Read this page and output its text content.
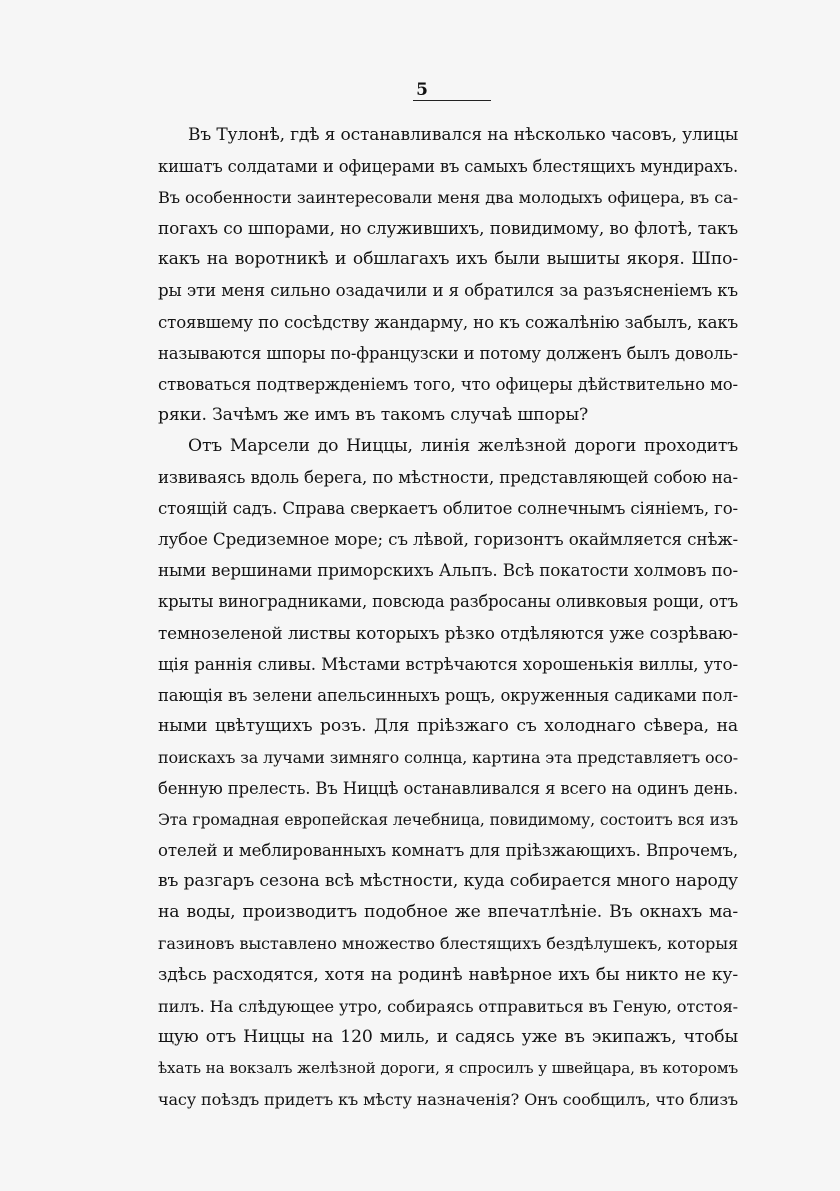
5
Въ Тулонѣ, гдѣ я останавливался на нѣсколько часовъ, улицы
кишатъ солдатами и офицерами въ самыхъ блестящихъ мундирахъ.
Въ особенности заинтересовали меня два молодыхъ офицера, въ са-
погахъ со шпорами, но служившихъ, повидимому, во флотѣ, такъ
какъ на воротникѣ и обшлагахъ ихъ были вышиты якоря. Шпо-
ры эти меня сильно озадачили и я обратился за разъясненіемъ къ
стоявшему по сосѣдству жандарму, но къ сожалѣнію забылъ, какъ
называются шпоры по-французски и потому долженъ былъ доволь-
ствоваться подтвержденіемъ того, что офицеры дѣйствительно мо-
ряки. Зачѣмъ же имъ въ такомъ случаѣ шпоры?
Отъ Марсели до Ниццы, линія желѣзной дороги проходитъ
извиваясь вдоль берега, по мѣстности, представляющей собою на-
стоящій садъ. Справа сверкаетъ облитое солнечнымъ сіяніемъ, го-
лубое Средиземное море; съ лѣвой, горизонтъ окаймляется снѣж-
ными вершинами приморскихъ Альпъ. Всѣ покатости холмовъ по-
крыты виноградниками, повсюда разбросаны оливковыя рощи, отъ
темнозеленой листвы которыхъ рѣзко отдѣляются уже созрѣваю-
щія раннія сливы. Мѣстами встрѣчаются хорошенькія виллы, уто-
пающія въ зелени апельсинныхъ рощъ, окруженныя садиками пол-
ными цвѣтущихъ розъ. Для пріѣзжаго съ холоднаго сѣвера, на
поискахъ за лучами зимняго солнца, картина эта представляетъ осо-
бенную прелесть. Въ Ниццѣ останавливался я всего на одинъ день.
Эта громадная европейская лечебница, повидимому, состоитъ вся изъ
отелей и меблированныхъ комнатъ для пріѣзжающихъ. Впрочемъ,
въ разгаръ сезона всѣ мѣстности, куда собирается много народу
на воды, производитъ подобное же впечатлѣніе. Въ окнахъ ма-
газиновъ выставлено множество блестящихъ бездѣлушекъ, которыя
здѣсь расходятся, хотя на родинѣ навѣрное ихъ бы никто не ку-
пилъ. На слѣдующее утро, собираясь отправиться въ Геную, отстоя-
щую отъ Ниццы на 120 миль, и садясь уже въ экипажъ, чтобы
ѣхать на вокзалъ желѣзной дороги, я спросилъ у швейцара, въ которомъ
часу поѣздъ придетъ къ мѣсту назначенія? Онъ сообщилъ, что близъ
